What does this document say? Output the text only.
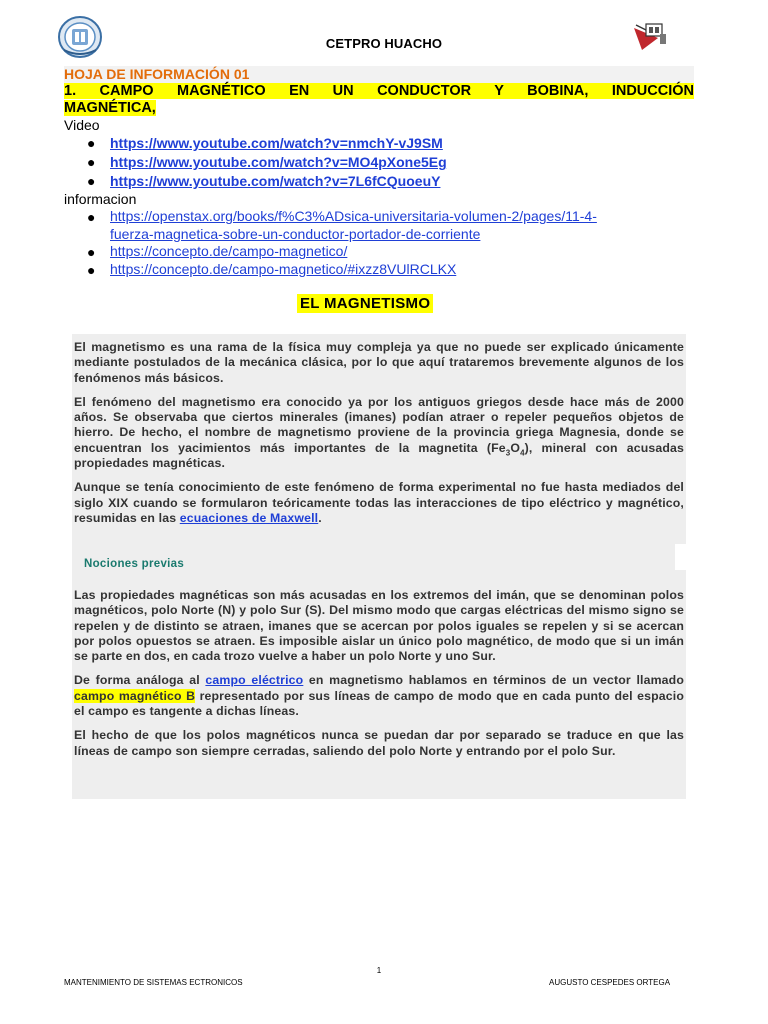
CETPRO HUACHO
HOJA DE INFORMACIÓN 01
1. CAMPO MAGNÉTICO EN UN CONDUCTOR Y BOBINA, INDUCCIÓN
MAGNÉTICA,
Video
● https://www.youtube.com/watch?v=nmchY-vJ9SM
● https://www.youtube.com/watch?v=MO4pXone5Eg
● https://www.youtube.com/watch?v=7L6fCQuoeuY
informacion
● https://openstax.org/books/f%C3%ADsica-universitaria-volumen-2/pages/11-4-
fuerza-magnetica-sobre-un-conductor-portador-de-corriente
● https://concepto.de/campo-magnetico/
● https://concepto.de/campo-magnetico/#ixzz8VUlRCLKX
EL MAGNETISMO

El magnetismo es una rama de la física muy compleja ya que no puede ser explicado únicamente mediante postulados de la mecánica clásica, por lo que aquí trataremos brevemente algunos de los fenómenos más básicos.

El fenómeno del magnetismo era conocido ya por los antiguos griegos desde hace más de 2000 años. Se observaba que ciertos minerales (imanes) podían atraer o repeler pequeños objetos de hierro. De hecho, el nombre de magnetismo proviene de la provincia griega Magnesia, donde se encuentran los yacimientos más importantes de la magnetita $(Fe_3O_4)$, mineral con acusadas propiedades magnéticas.

Aunque se tenía conocimiento de este fenómeno de forma experimental no fue hasta mediados del siglo XIX cuando se formularon teóricamente todas las interacciones de tipo eléctrico y magnético, resumidas en las ecuaciones de Maxwell.

Nociones previas

Las propiedades magnéticas son más acusadas en los extremos del imán, que se denominan polos magnéticos, polo Norte (N) y polo Sur (S). Del mismo modo que cargas eléctricas del mismo signo se repelen y de distinto se atraen, imanes que se acercan por polos iguales se repelen y si se acercan por polos opuestos se atraen. Es imposible aislar un único polo magnético, de modo que si un imán se parte en dos, en cada trozo vuelve a haber un polo Norte y uno Sur.

De forma análoga al campo eléctrico en magnetismo hablamos en términos de un vector llamado campo magnético B representado por sus líneas de campo de modo que en cada punto del espacio el campo es tangente a dichas líneas.

El hecho de que los polos magnéticos nunca se puedan dar por separado se traduce en que las líneas de campo son siempre cerradas, saliendo del polo Norte y entrando por el polo Sur.

1
MANTENIMIENTO DE SISTEMAS ECTRONICOS	AUGUSTO CESPEDES ORTEGA
